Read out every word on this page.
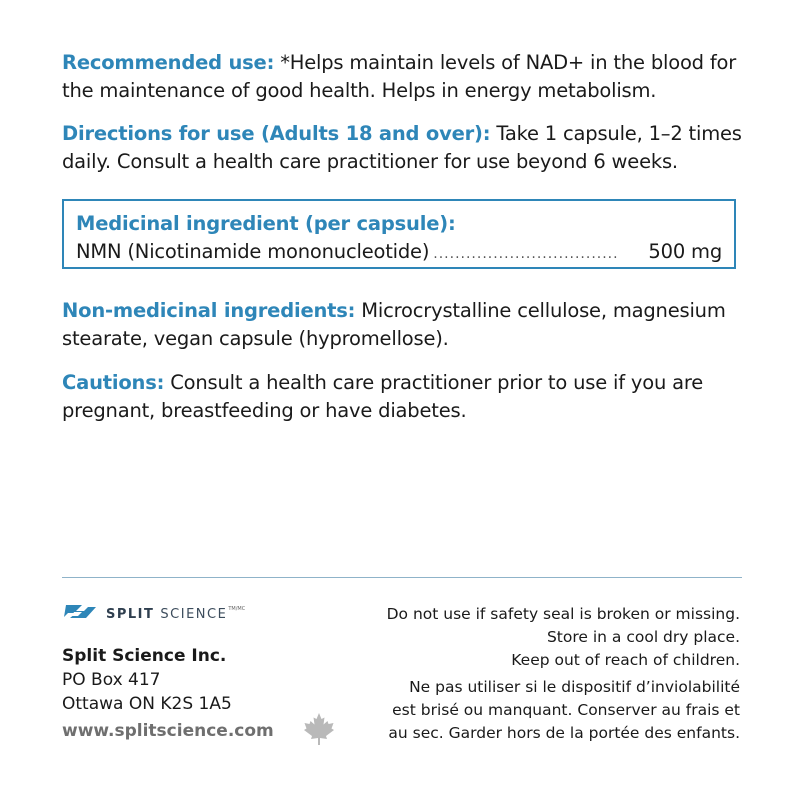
Recommended use: *Helps maintain levels of NAD+ in the blood for the maintenance of good health. Helps in energy metabolism.
Directions for use (Adults 18 and over): Take 1 capsule, 1–2 times daily. Consult a health care practitioner for use beyond 6 weeks.
Medicinal ingredient (per capsule):
NMN (Nicotinamide mononucleotide) ..................................	500 mg
Non-medicinal ingredients: Microcrystalline cellulose, magnesium stearate, vegan capsule (hypromellose).
Cautions: Consult a health care practitioner prior to use if you are pregnant, breastfeeding or have diabetes.
SPLIT SCIENCE TM/MC
Split Science Inc.
PO Box 417
Ottawa ON K2S 1A5
www.splitscience.com

Do not use if safety seal is broken or missing.

Store in a cool dry place.

Keep out of reach of children.

Ne pas utiliser si le dispositif d’inviolabilité

est brisé ou manquant. Conserver au frais et

au sec. Garder hors de la portée des enfants.
